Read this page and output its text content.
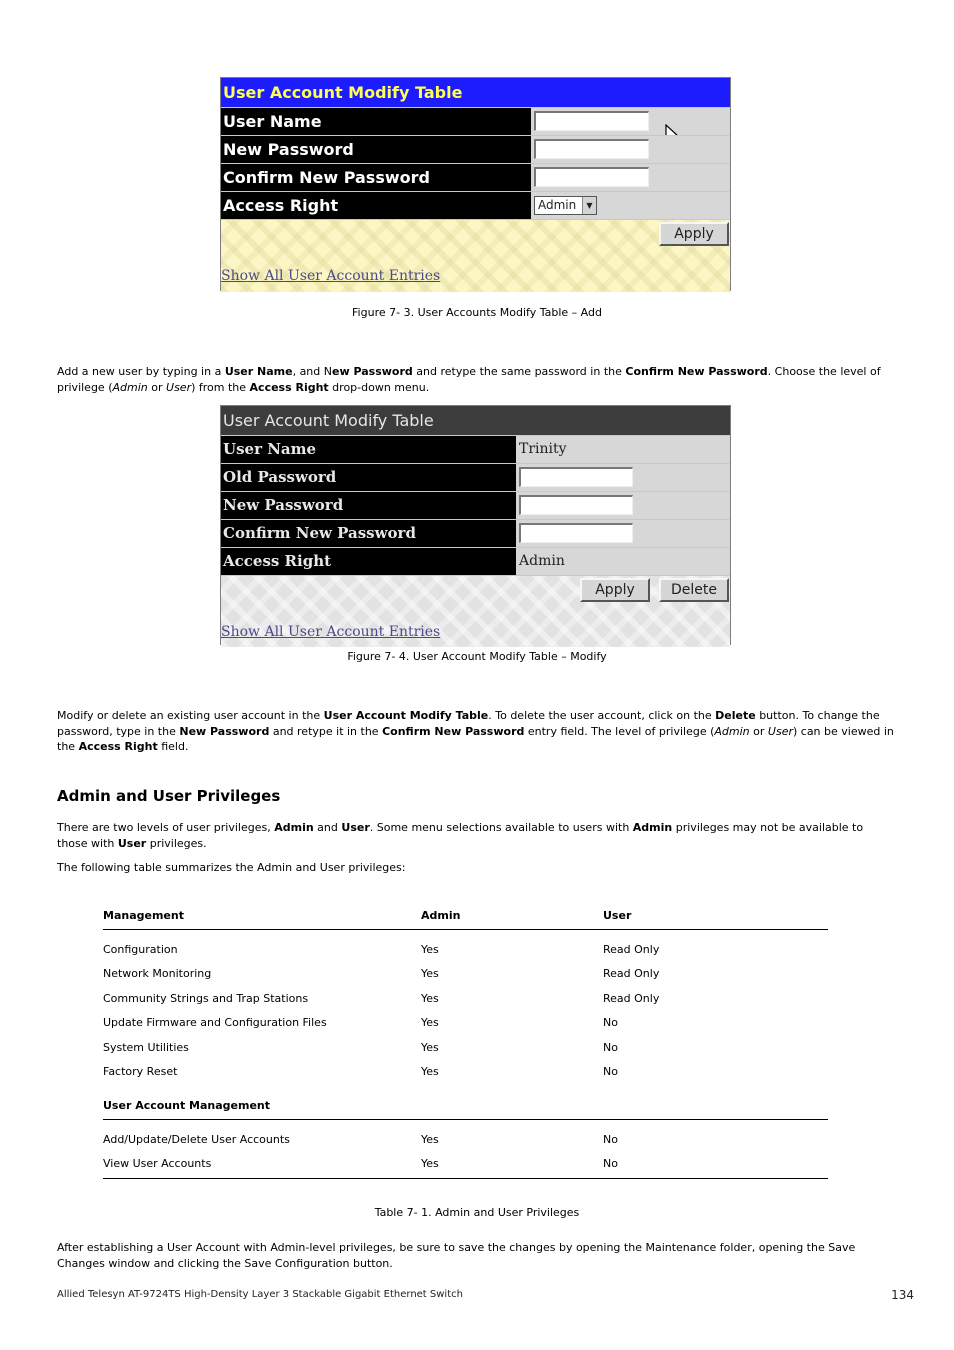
User Account Modify Table
User Name
New Password
Confirm New Password
Access Right	Admin	▼
Apply
Show All User Account Entries
Figure 7- 3. User Accounts Modify Table – Add
Add a new user by typing in a User Name, and New Password and retype the same password in the Confirm New Password. Choose the level of privilege (Admin or User) from the Access Right drop-down menu.
User Account Modify Table
User Name	Trinity
Old Password
New Password
Confirm New Password
Access Right	Admin
Apply	Delete
Show All User Account Entries
Figure 7- 4. User Account Modify Table – Modify
Modify or delete an existing user account in the User Account Modify Table. To delete the user account, click on the Delete button. To change the password, type in the New Password and retype it in the Confirm New Password entry field. The level of privilege (Admin or User) can be viewed in the Access Right field.
Admin and User Privileges
There are two levels of user privileges, Admin and User. Some menu selections available to users with Admin privileges may not be available to those with User privileges.
The following table summarizes the Admin and User privileges:
Management	Admin	User
Configuration	Yes	Read Only
Network Monitoring	Yes	Read Only
Community Strings and Trap Stations	Yes	Read Only
Update Firmware and Configuration Files	Yes	No
System Utilities	Yes	No
Factory Reset	Yes	No
User Account Management
Add/Update/Delete User Accounts	Yes	No
View User Accounts	Yes	No
Table 7- 1. Admin and User Privileges
After establishing a User Account with Admin-level privileges, be sure to save the changes by opening the Maintenance folder, opening the Save Changes window and clicking the Save Configuration button.
Allied Telesyn AT-9724TS High-Density Layer 3 Stackable Gigabit Ethernet Switch	134
